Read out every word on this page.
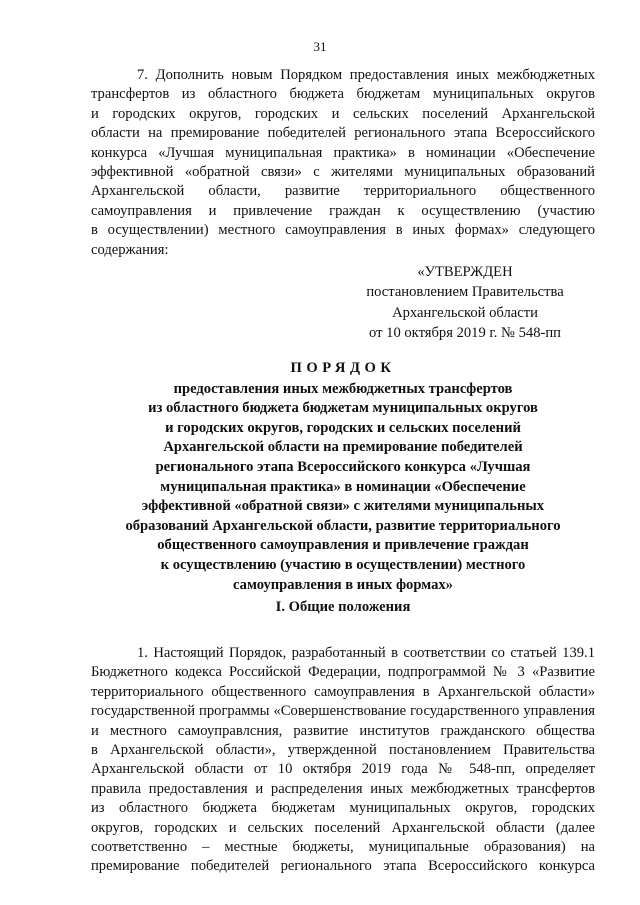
31
7. Дополнить новым Порядком предоставления иных межбюджетных
трансфертов из областного бюджета бюджетам муниципальных округов
и городских округов, городских и сельских поселений Архангельской
области на премирование победителей регионального этапа Всероссийского
конкурса «Лучшая муниципальная практика» в номинации «Обеспечение
эффективной «обратной связи» с жителями муниципальных образований
Архангельской области, развитие территориального общественного
самоуправления и привлечение граждан к осуществлению (участию
в осуществлении) местного самоуправления в иных формах» следующего
содержания:
«УТВЕРЖДЕН
постановлением Правительства
Архангельской области
от 10 октября 2019 г. № 548-пп
ПОРЯДОК
предоставления иных межбюджетных трансфертов
из областного бюджета бюджетам муниципальных округов
и городских округов, городских и сельских поселений
Архангельской области на премирование победителей
регионального этапа Всероссийского конкурса «Лучшая
муниципальная практика» в номинации «Обеспечение
эффективной «обратной связи» с жителями муниципальных
образований Архангельской области, развитие территориального
общественного самоуправления и привлечение граждан
к осуществлению (участию в осуществлении) местного
самоуправления в иных формах»
I. Общие положения
1. Настоящий Порядок, разработанный в соответствии со статьей 139.1
Бюджетного кодекса Российской Федерации, подпрограммой № 3 «Развитие
территориального общественного самоуправления в Архангельской области»
государственной программы «Совершенствование государственного управления
и местного самоуправлсния, развитие институтов гражданского общества
в Архангельской области», утвержденной постановлением Правительства
Архангельской области от 10 октября 2019 года № 548-пп, определяет
правила предоставления и распределения иных межбюджетных трансфертов
из областного бюджета бюджетам муниципальных округов, городских
округов, городских и сельских поселений Архангельской области (далее
соответственно – местные бюджеты, муниципальные образования) на
премирование победителей регионального этапа Всероссийского конкурса
